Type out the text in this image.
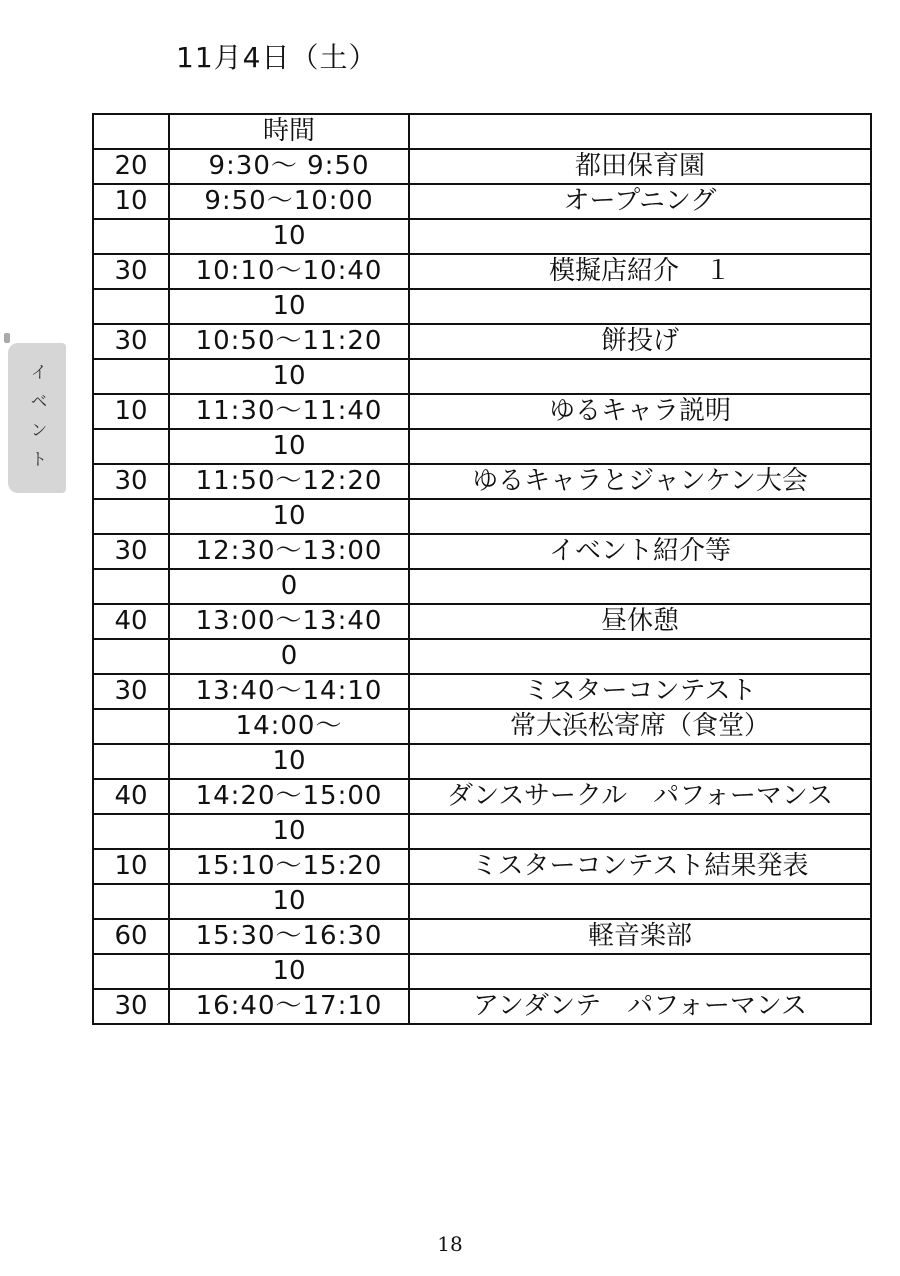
11月4日（土）
イベント
	時間	
20	9:30～ 9:50	都田保育園
10	9:50～10:00	オープニング
	10	
30	10:10～10:40	模擬店紹介　１
	10	
30	10:50～11:20	餅投げ
	10	
10	11:30～11:40	ゆるキャラ説明
	10	
30	11:50～12:20	ゆるキャラとジャンケン大会
	10	
30	12:30～13:00	イベント紹介等
	0	
40	13:00～13:40	昼休憩
	0	
30	13:40～14:10	ミスターコンテスト
	14:00～	常大浜松寄席（食堂）
	10	
40	14:20～15:00	ダンスサークル　パフォーマンス
	10	
10	15:10～15:20	ミスターコンテスト結果発表
	10	
60	15:30～16:30	軽音楽部
	10	
30	16:40～17:10	アンダンテ　パフォーマンス
18
